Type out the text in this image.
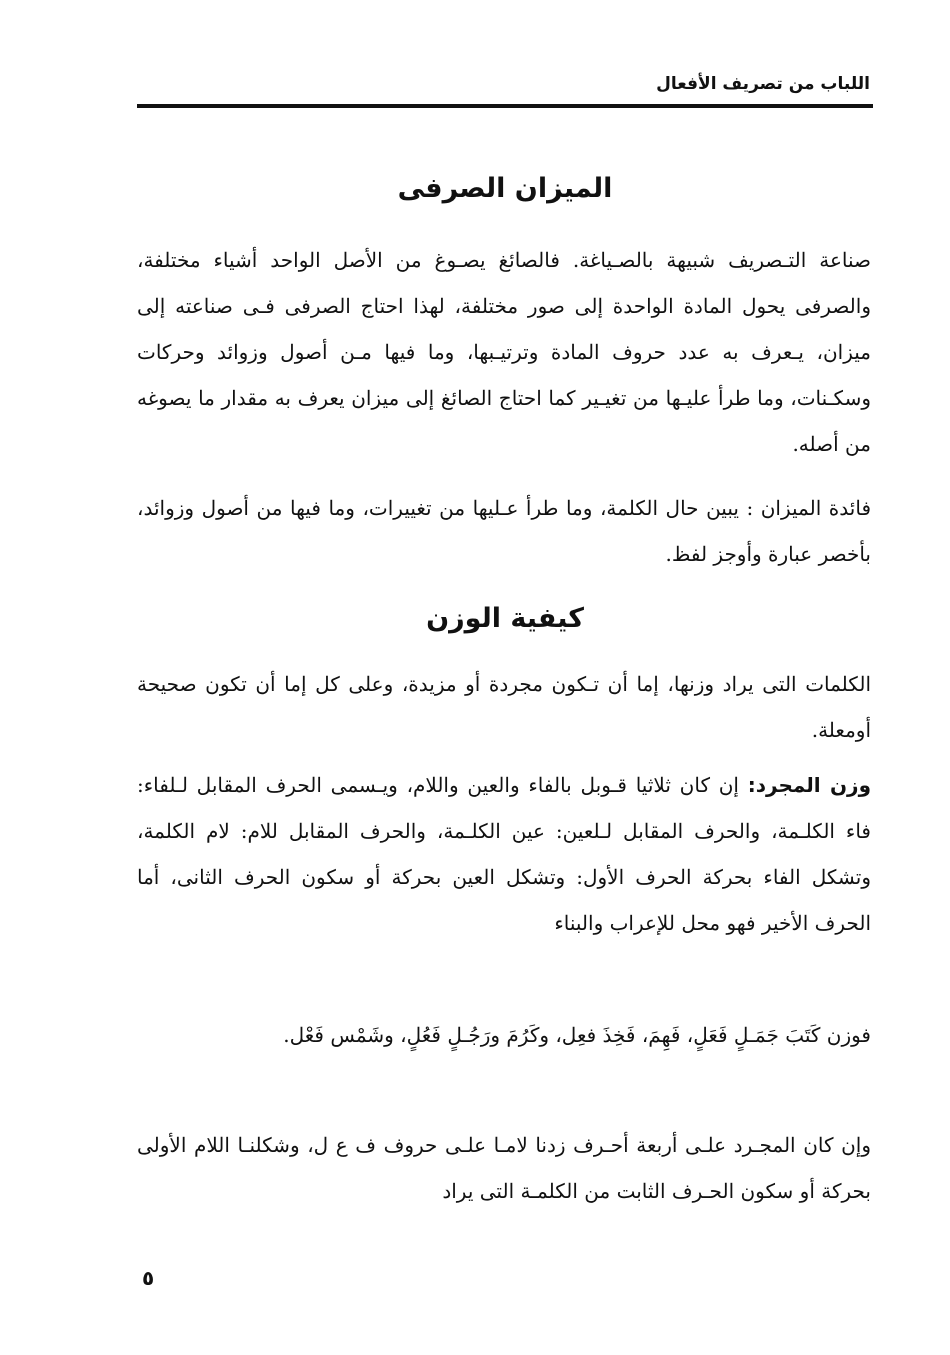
اللباب من تصريف الأفعال
الميزان الصرفى

صناعة التـصريف شبيهة بالصـياغة. فالصائغ يصـوغ من الأصل الواحد أشياء مختلفة، والصرفى يحول المادة الواحدة إلى صور مختلفة، لهذا احتاج الصرفى فـى صناعته إلى ميزان، يـعرف به عدد حروف المادة وترتيـبها، وما فيها مـن أصول وزوائد وحركات وسكـنات، وما طرأ عليـها من تغيـير كما احتاج الصائغ إلى ميزان يعرف به مقدار ما يصوغه من أصله.

فائدة الميزان : يبين حال الكلمة، وما طرأ عـليها من تغييرات، وما فيها من أصول وزوائد، بأخصر عبارة وأوجز لفظ.

كيفية الوزن

الكلمات التى يراد وزنها، إما أن تـكون مجردة أو مزيدة، وعلى كل إما أن تكون صحيحة أومعلة.

وزن المجرد: إن كان ثلاثيا قـوبل بالفاء والعين واللام، ويـسمى الحرف المقابل لـلفاء: فاء الكلـمة، والحرف المقابل لـلعين: عين الكلـمة، والحرف المقابل للام: لام الكلمة، وتشكل الفاء بحركة الحرف الأول: وتشكل العين بحركة أو سكون الحرف الثانى، أما الحرف الأخير فهو محل للإعراب والبناء

فوزن كَتَبَ جَمَـلٍ فَعَلٍ، فَهِمَ، فَخِذَ فعِل، وكَرُمَ ورَجُـلٍ فَعُلٍ، وشَمْس فَعْل.

وإن كان المجـرد علـى أربعة أحـرف زدنا لامـا علـى حروف ف ع ل، وشكلنـا اللام الأولى بحركة أو سكون الحـرف الثابت من الكلمـة التى يراد

٥
